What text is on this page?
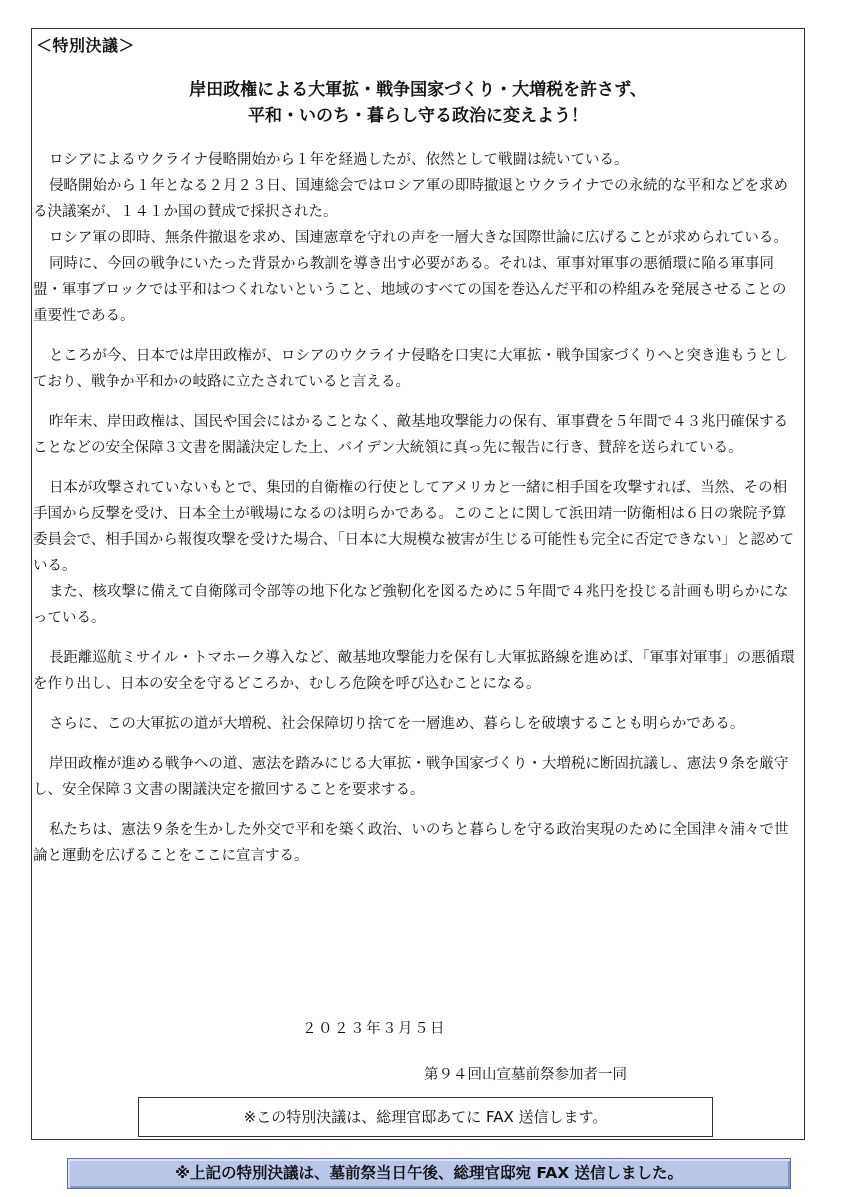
＜特別決議＞
岸田政権による大軍拡・戦争国家づくり・大増税を許さず、
平和・いのち・暮らし守る政治に変えよう！

ロシアによるウクライナ侵略開始から１年を経過したが、依然として戦闘は続いている。

侵略開始から１年となる２月２３日、国連総会ではロシア軍の即時撤退とウクライナでの永続的な平和などを求める決議案が、１４１か国の賛成で採択された。

ロシア軍の即時、無条件撤退を求め、国連憲章を守れの声を一層大きな国際世論に広げることが求められている。

同時に、今回の戦争にいたった背景から教訓を導き出す必要がある。それは、軍事対軍事の悪循環に陥る軍事同盟・軍事ブロックでは平和はつくれないということ、地域のすべての国を巻込んだ平和の枠組みを発展させることの重要性である。

ところが今、日本では岸田政権が、ロシアのウクライナ侵略を口実に大軍拡・戦争国家づくりへと突き進もうとしており、戦争か平和かの岐路に立たされていると言える。

昨年末、岸田政権は、国民や国会にはかることなく、敵基地攻撃能力の保有、軍事費を５年間で４３兆円確保することなどの安全保障３文書を閣議決定した上、バイデン大統領に真っ先に報告に行き、賛辞を送られている。

日本が攻撃されていないもとで、集団的自衛権の行使としてアメリカと一緒に相手国を攻撃すれば、当然、その相手国から反撃を受け、日本全土が戦場になるのは明らかである。このことに関して浜田靖一防衛相は６日の衆院予算委員会で、相手国から報復攻撃を受けた場合、「日本に大規模な被害が生じる可能性も完全に否定できない」と認めている。

また、核攻撃に備えて自衛隊司令部等の地下化など強靭化を図るために５年間で４兆円を投じる計画も明らかになっている。

長距離巡航ミサイル・トマホーク導入など、敵基地攻撃能力を保有し大軍拡路線を進めば、「軍事対軍事」の悪循環を作り出し、日本の安全を守るどころか、むしろ危険を呼び込むことになる。

さらに、この大軍拡の道が大増税、社会保障切り捨てを一層進め、暮らしを破壊することも明らかである。

岸田政権が進める戦争への道、憲法を踏みにじる大軍拡・戦争国家づくり・大増税に断固抗議し、憲法９条を厳守し、安全保障３文書の閣議決定を撤回することを要求する。

私たちは、憲法９条を生かした外交で平和を築く政治、いのちと暮らしを守る政治実現のために全国津々浦々で世論と運動を広げることをここに宣言する。

２０２３年３月５日
第９４回山宣墓前祭参加者一同
※この特別決議は、総理官邸あてに FAX 送信します。
※上記の特別決議は、墓前祭当日午後、総理官邸宛 FAX 送信しました。
